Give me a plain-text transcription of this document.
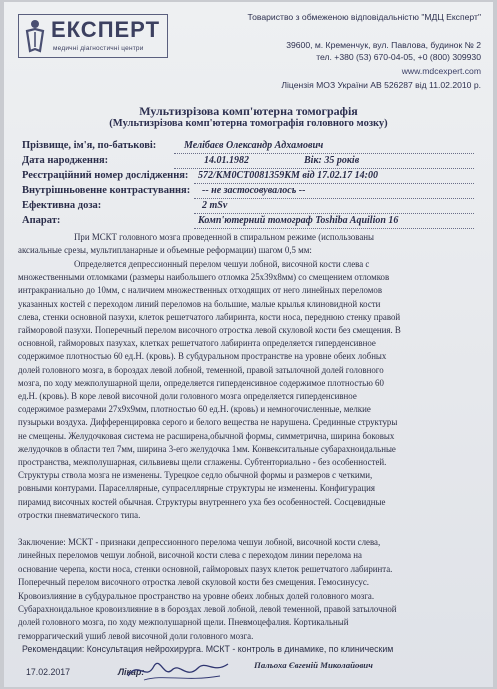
ЕКСПЕРТ
медичні діагностичні центри
Товариство з обмеженою відповідальністю "МДЦ Експерт"
39600, м. Кременчук, вул. Павлова, будинок № 2
тел. +380 (53) 670-04-05, +0 (800) 309930
www.mdcexpert.com
Ліцензія МОЗ України АВ 526287 від 11.02.2010 р.
Мультизрізова комп'ютерна томографія
(Мультизрізова комп'ютерна томографія головного мозку)
Прізвище, ім'я, по-батькові:	Мелібаєв Олександр Адхамович
Дата народження:	14.01.1982	Вік: 35 років
Реєстраційний номер дослідження: 572/КМ0СТ0081359КМ від 17.02.17 14:00
Внутрішньовенне контрастування: -- не застосовувалось --
Ефективна доза:	2 mSv
Апарат:	Комп'ютерний томограф Toshiba Aquilion 16
При МСКТ головного мозга проведенной в спиральном режиме (использованы
аксиальные срезы, мультипланарные и объемные реформации) шагом 0,5 мм:
Определяется депрессионный перелом чешуи лобной, височной кости слева с
множественными отломками (размеры наибольшего отломка 25х39х8мм) со смещением отломков
интракраниально до 10мм, с наличием множественных отходящих от него линейных переломов
указанных костей с переходом линий переломов на большие, малые крылья клиновидной кости
слева, стенки основной пазухи, клеток решетчатого лабиринта, кости носа, переднюю стенку правой
гайморовой пазухи. Поперечный перелом височного отростка левой скуловой кости без смещения. В
основной, гайморовых пазухах, клетках решетчатого лабиринта определяется гиперденсивное
содержимое плотностью 60 ед.Н. (кровь). В субдуральном пространстве на уровне обеих лобных
долей головного мозга, в бороздах левой лобной, теменной, правой затылочной долей головного
мозга, по ходу межполушарной щели, определяется гиперденсивное содержимое плотностью 60
ед.Н. (кровь). В коре левой височной доли головного мозга определяется гиперденсивное
содержимое размерами 27х9х9мм, плотностью 60 ед.Н. (кровь) и немногочисленные, мелкие
пузырьки воздуха. Дифференцировка серого и белого вещества не нарушена. Срединные структуры
не смещены. Желудочковая система не расширена,обычной формы, симметрична, ширина боковых
желудочков в области тел 7мм, ширина 3-его желудочка 1мм. Конвекситальные субарахноидальные
пространства, межполушарная, сильвиевы щели сглажены. Субтенториально - без особенностей.
Структуры ствола мозга не изменены. Турецкое седло обычной формы и размеров с четкими,
ровными контурами. Параселлярные, супраселлярные структуры не изменены. Конфигурация
пирамид височных костей обычная. Структуры внутреннего уха без особенностей. Сосцевидные
отростки пневматического типа.
Заключение: МСКТ - признаки депрессионного перелома чешуи лобной, височной кости слева,
линейных переломов чешуи лобной, височной кости слева с переходом линии перелома на
основание черепа, кости носа, стенки основной, гайморовых пазух клеток решетчатого лабиринта.
Поперечный перелом височного отростка левой скуловой кости без смещения. Гемосинусус.
Кровоизлияние в субдуральное пространство на уровне обеих лобных долей головного мозга.
Субарахноидальное кровоизлияние в в бороздах левой лобной, левой теменной, правой затылочной
долей головного мозга, по ходу межполушарной щели. Пневмоцефалия. Кортикальный
геморрагический ушиб левой височной доли головного мозга.
Рекомендации: Консультация нейрохирурга. МСКТ - контроль в динамике, по клиническим
17.02.2017	Лікар:
Пальоха Євгеній Миколайович
